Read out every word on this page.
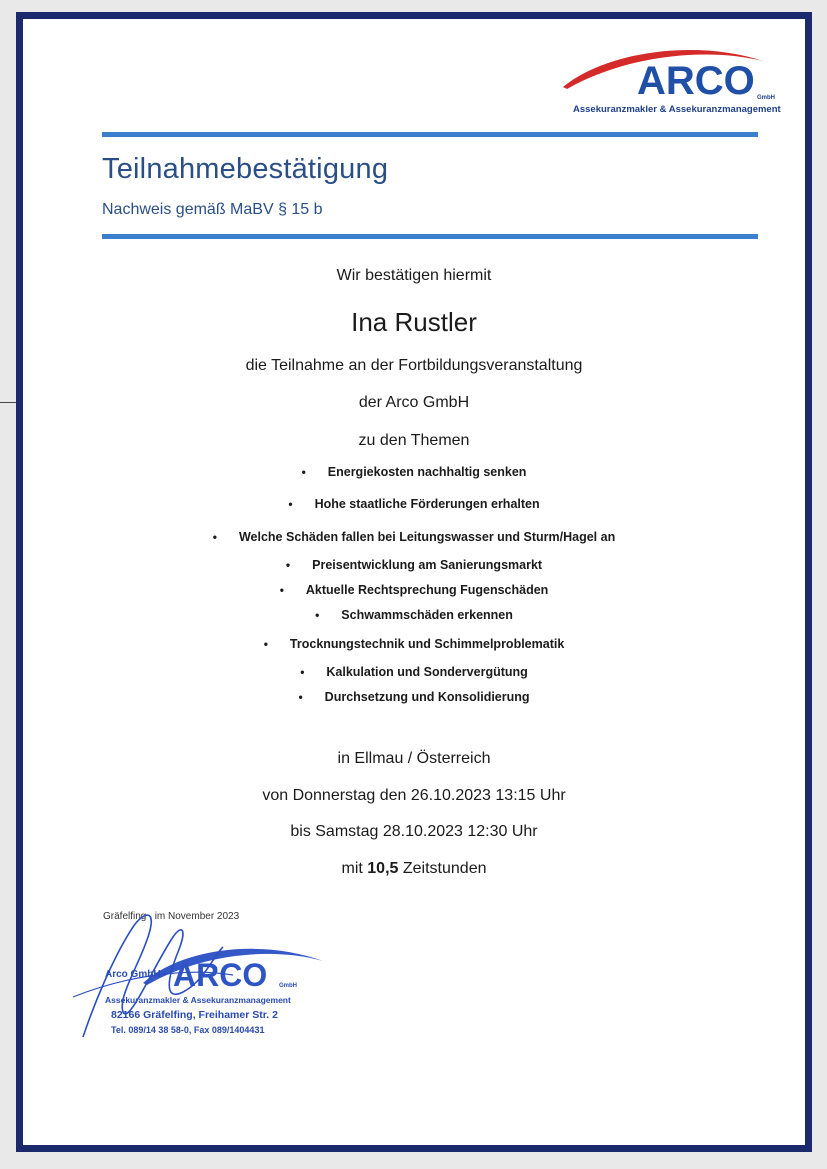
ARCO GmbH
Assekuranzmakler & Assekuranzmanagement
Teilnahmebestätigung
Nachweis gemäß MaBV § 15 b
Wir bestätigen hiermit
Ina Rustler
die Teilnahme an der Fortbildungsveranstaltung
der Arco GmbH
zu den Themen
• Energiekosten nachhaltig senken
• Hohe staatliche Förderungen erhalten
• Welche Schäden fallen bei Leitungswasser und Sturm/Hagel an
• Preisentwicklung am Sanierungsmarkt
• Aktuelle Rechtsprechung Fugenschäden
• Schwammschäden erkennen
• Trocknungstechnik und Schimmelproblematik
• Kalkulation und Sondervergütung
• Durchsetzung und Konsolidierung
in Ellmau / Österreich
von Donnerstag den 26.10.2023 13:15 Uhr
bis Samstag 28.10.2023 12:30 Uhr
mit 10,5 Zeitstunden
Gräfelfing , im November 2023
Arco GmbH ARCO GmbH
Assekuranzmakler & Assekuranzmanagement
82166 Gräfelfing, Freihamer Str. 2
Tel. 089/14 38 58-0, Fax 089/1404431
